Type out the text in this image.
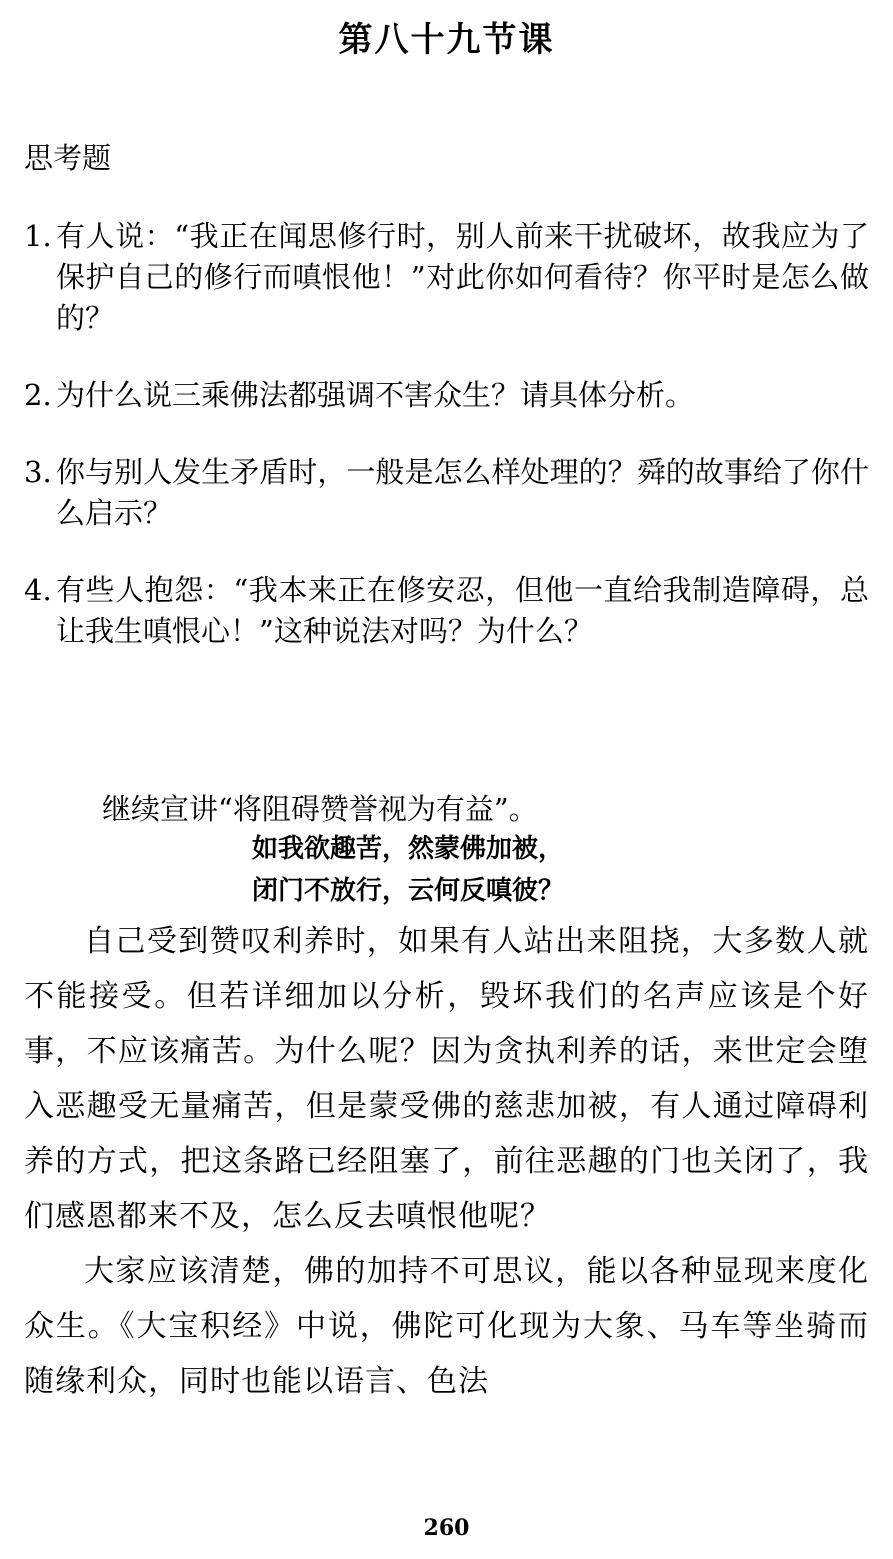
第八十九节课

思考题

1. 有人说：“我正在闻思修行时，别人前来干扰破坏，故我应为了保护自己的修行而嗔恨他！”对此你如何看待？你平时是怎么做的？
2. 为什么说三乘佛法都强调不害众生？请具体分析。
3. 你与别人发生矛盾时，一般是怎么样处理的？舜的故事给了你什么启示？
4. 有些人抱怨：“我本来正在修安忍，但他一直给我制造障碍，总让我生嗔恨心！”这种说法对吗？为什么？

继续宣讲“将阻碍赞誉视为有益”。

如我欲趣苦，然蒙佛加被，

闭门不放行，云何反嗔彼？

自己受到赞叹利养时，如果有人站出来阻挠，大多数人就不能接受。但若详细加以分析，毁坏我们的名声应该是个好事，不应该痛苦。为什么呢？因为贪执利养的话，来世定会堕入恶趣受无量痛苦，但是蒙受佛的慈悲加被，有人通过障碍利养的方式，把这条路已经阻塞了，前往恶趣的门也关闭了，我们感恩都来不及，怎么反去嗔恨他呢？

大家应该清楚，佛的加持不可思议，能以各种显现来度化众生。《大宝积经》中说，佛陀可化现为大象、马车等坐骑而随缘利众，同时也能以语言、色法

260
